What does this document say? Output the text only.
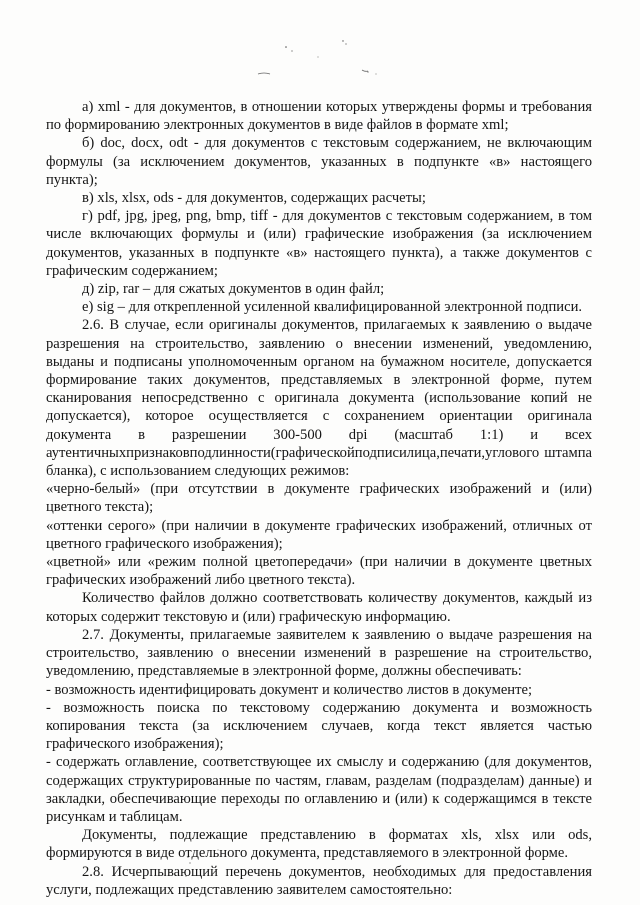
а) xml - для документов, в отношении которых утверждены формы и требования по формированию электронных документов в виде файлов в формате xml;

б) doc, docx, odt - для документов с текстовым содержанием, не включающим формулы (за исключением документов, указанных в подпункте «в» настоящего пункта);

в) xls, xlsx, ods - для документов, содержащих расчеты;

г) pdf, jpg, jpeg, png, bmp, tiff - для документов с текстовым содержанием, в том числе включающих формулы и (или) графические изображения (за исключением документов, указанных в подпункте «в» настоящего пункта), а также документов с графическим содержанием;

д) zip, rar – для сжатых документов в один файл;

е) sig – для открепленной усиленной квалифицированной электронной подписи.

2.6. В случае, если оригиналы документов, прилагаемых к заявлению о выдаче разрешения на строительство, заявлению о внесении изменений, уведомлению, выданы и подписаны уполномоченным органом на бумажном носителе, допускается формирование таких документов, представляемых в электронной форме, путем сканирования непосредственно с оригинала документа (использование копий не допускается), которое осуществляется с сохранением ориентации оригинала документа в разрешении 300-500 dpi (масштаб 1:1) и всех аутентичныхпризнаковподлинности(графическойподписилица,печати,углового штампа бланка), с использованием следующих режимов:

«черно-белый» (при отсутствии в документе графических изображений и (или) цветного текста);

«оттенки серого» (при наличии в документе графических изображений, отличных от цветного графического изображения);

«цветной» или «режим полной цветопередачи» (при наличии в документе цветных графических изображений либо цветного текста).

Количество файлов должно соответствовать количеству документов, каждый из которых содержит текстовую и (или) графическую информацию.

2.7. Документы, прилагаемые заявителем к заявлению о выдаче разрешения на строительство, заявлению о внесении изменений в разрешение на строительство, уведомлению, представляемые в электронной форме, должны обеспечивать:

- возможность идентифицировать документ и количество листов в документе;

- возможность поиска по текстовому содержанию документа и возможность копирования текста (за исключением случаев, когда текст является частью графического изображения);

- содержать оглавление, соответствующее их смыслу и содержанию (для документов, содержащих структурированные по частям, главам, разделам (подразделам) данные) и закладки, обеспечивающие переходы по оглавлению и (или) к содержащимся в тексте рисункам и таблицам.

Документы, подлежащие представлению в форматах xls, xlsx или ods, формируются в виде отдельного документа, представляемого в электронной форме.

2.8. Исчерпывающий перечень документов, необходимых для предоставления услуги, подлежащих представлению заявителем самостоятельно:
